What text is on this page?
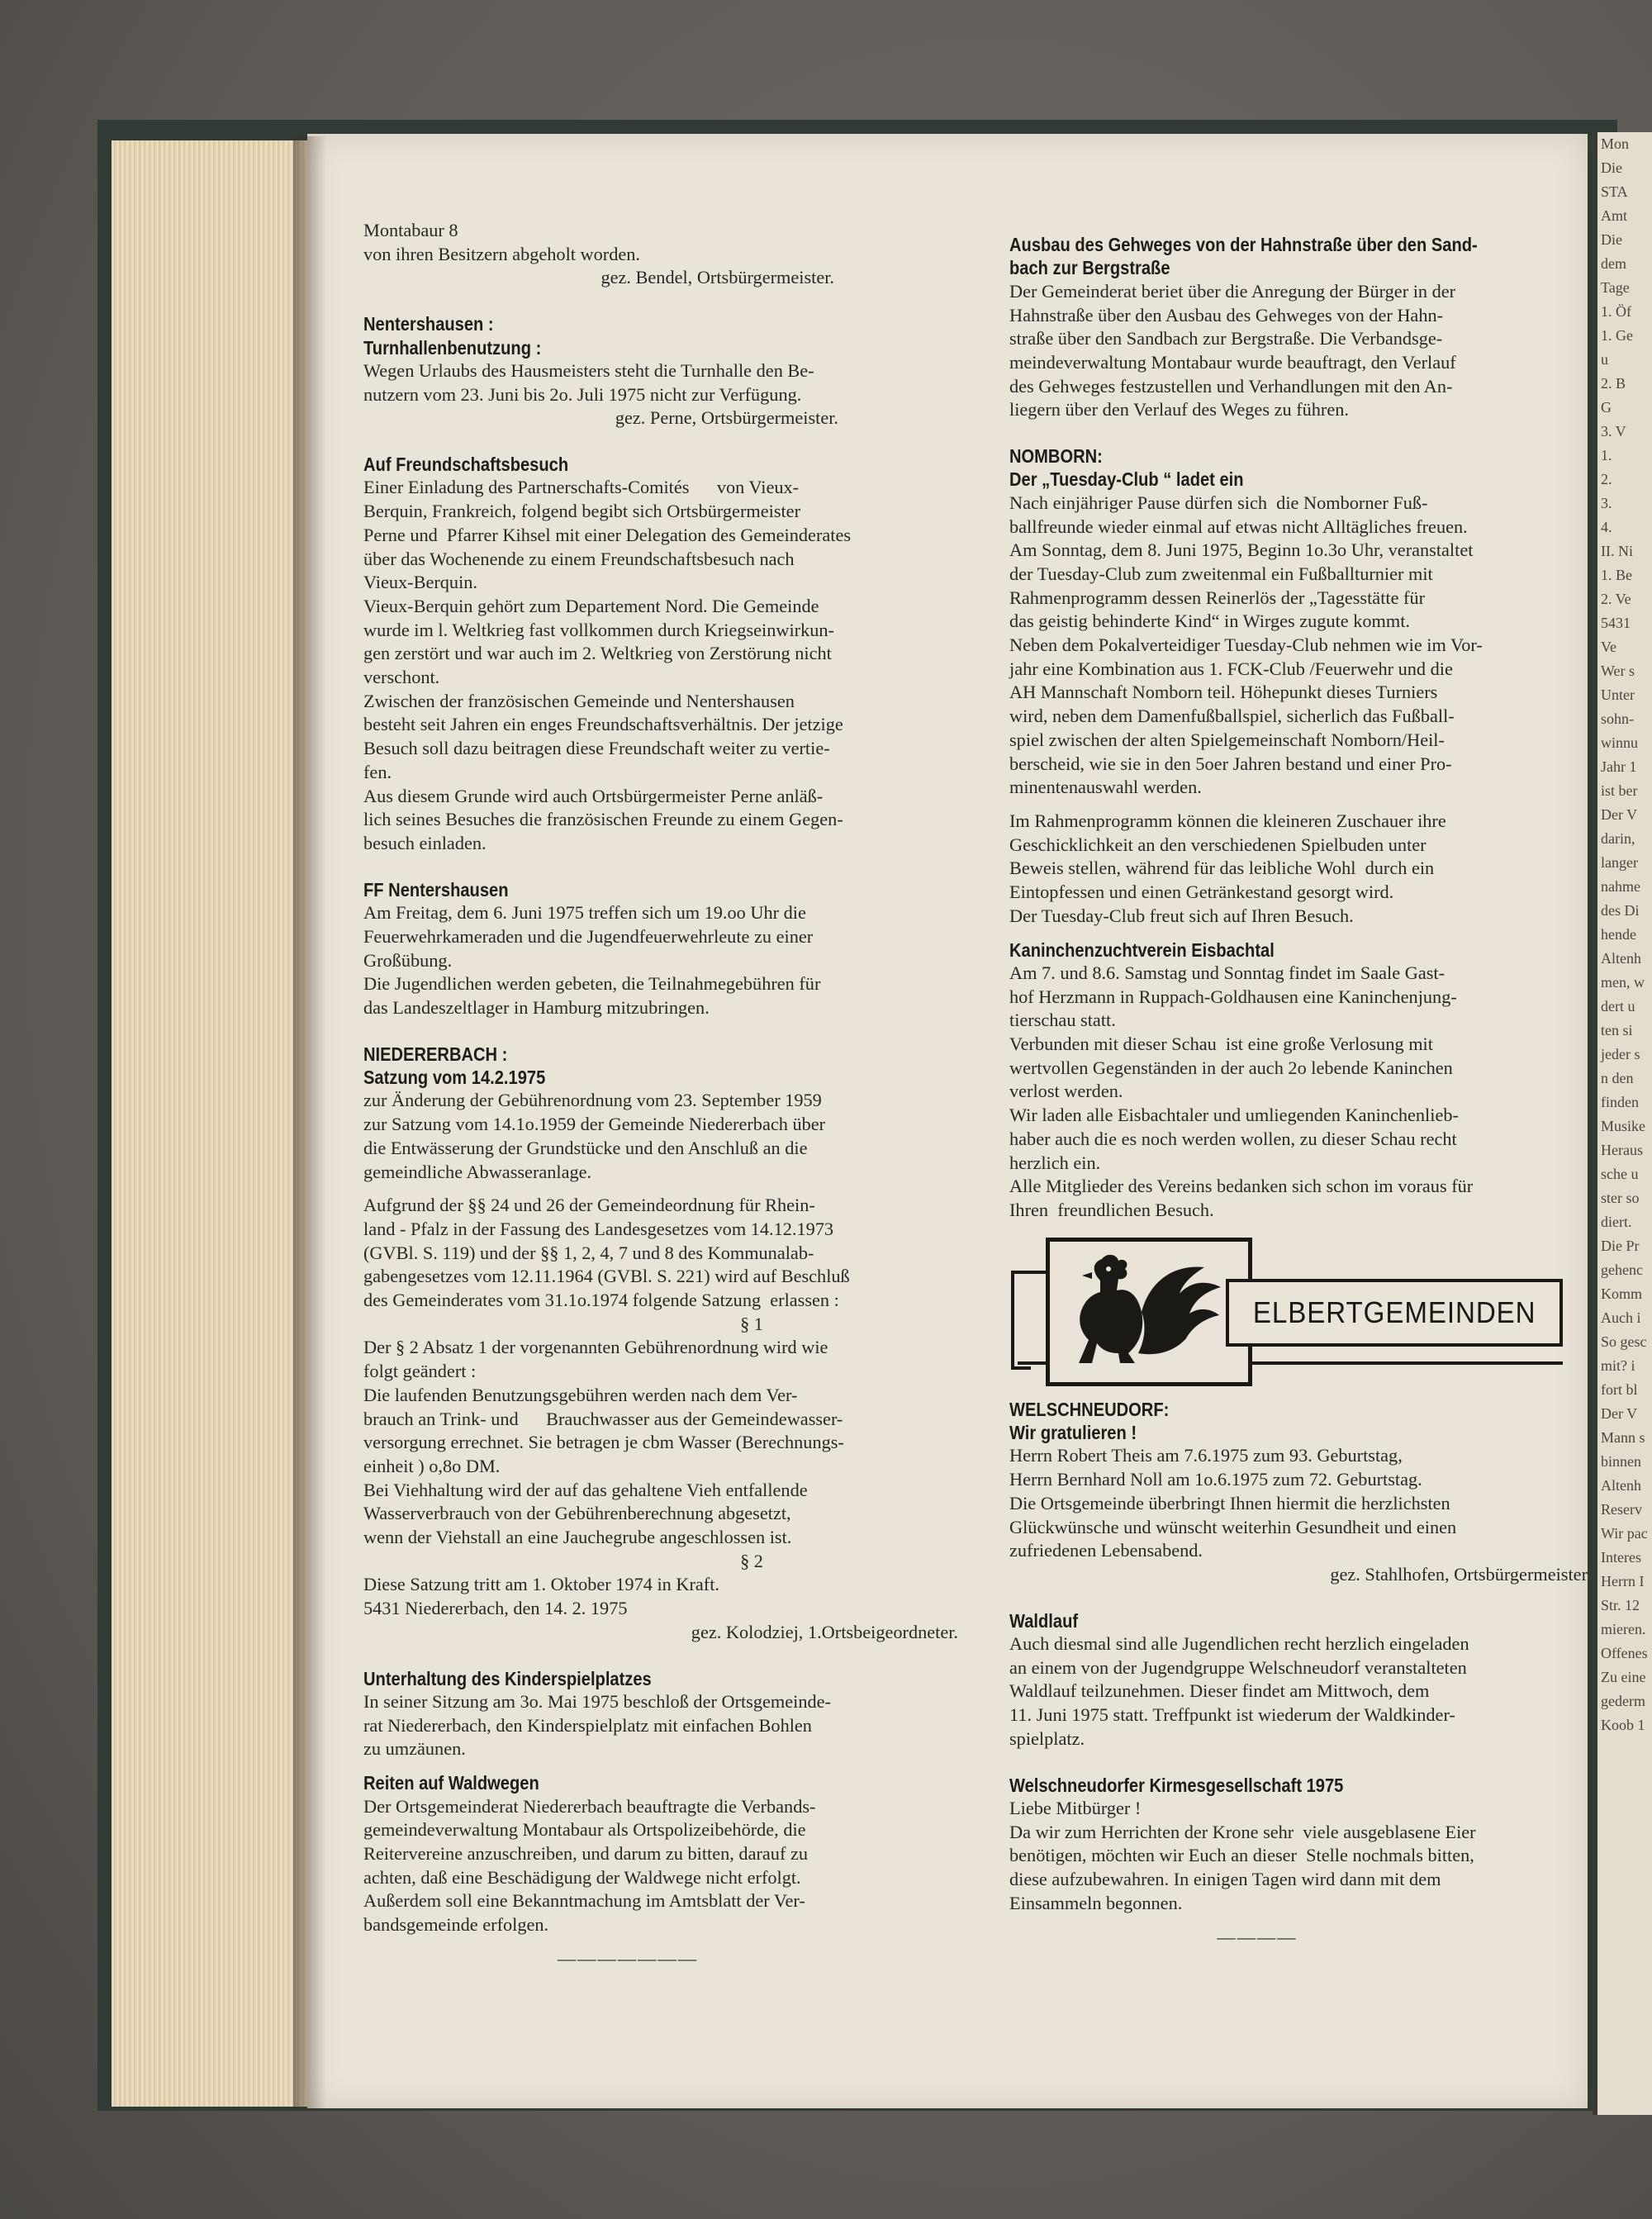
Mon
Die
STA
Amt
Die
dem
Tage
1. Öf
1. Ge
u
2. B
G
3. V
1.
2.
3.
4.
II. Ni
1. Be
2. Ve
5431
Ve
Wer s
Unter
sohn-
winnu
Jahr 1
ist ber
Der V
darin,
langer
nahme
des Di
hende
Altenh
men, w
dert u
ten si
jeder s
n den
finden
Musike
Heraus
sche u
ster so
diert.
Die Pr
gehenc
Komm
Auch i
So gesc
mit? i
fort bl
Der V
Mann s
binnen
Altenh
Reserv
Wir pac
Interes
Herrn I
Str. 12
mieren.
Offenes
Zu eine
gederm
Koob 1

Montabaur 8

von ihren Besitzern abgeholt worden.

gez. Bendel, Ortsbürgermeister.

Nentershausen :

Turnhallenbenutzung :

Wegen Urlaubs des Hausmeisters steht die Turnhalle den Be-

nutzern vom 23. Juni bis 2o. Juli 1975 nicht zur Verfügung.

gez. Perne, Ortsbürgermeister.

Auf Freundschaftsbesuch

Einer Einladung des Partnerschafts-Comités      von Vieux-

Berquin, Frankreich, folgend begibt sich Ortsbürgermeister

Perne und  Pfarrer Kihsel mit einer Delegation des Gemeinderates

über das Wochenende zu einem Freundschaftsbesuch nach

Vieux-Berquin.

Vieux-Berquin gehört zum Departement Nord. Die Gemeinde

wurde im l. Weltkrieg fast vollkommen durch Kriegseinwirkun-

gen zerstört und war auch im 2. Weltkrieg von Zerstörung nicht

verschont.

Zwischen der französischen Gemeinde und Nentershausen

besteht seit Jahren ein enges Freundschaftsverhältnis. Der jetzige

Besuch soll dazu beitragen diese Freundschaft weiter zu vertie-

fen.

Aus diesem Grunde wird auch Ortsbürgermeister Perne anläß-

lich seines Besuches die französischen Freunde zu einem Gegen-

besuch einladen.

FF Nentershausen

Am Freitag, dem 6. Juni 1975 treffen sich um 19.oo Uhr die

Feuerwehrkameraden und die Jugendfeuerwehrleute zu einer

Großübung.

Die Jugendlichen werden gebeten, die Teilnahmegebühren für

das Landeszeltlager in Hamburg mitzubringen.

NIEDERERBACH :

Satzung vom 14.2.1975

zur Änderung der Gebührenordnung vom 23. September 1959

zur Satzung vom 14.1o.1959 der Gemeinde Niedererbach über

die Entwässerung der Grundstücke und den Anschluß an die

gemeindliche Abwasseranlage.

Aufgrund der §§ 24 und 26 der Gemeindeordnung für Rhein-

land - Pfalz in der Fassung des Landesgesetzes vom 14.12.1973

(GVBl. S. 119) und der §§ 1, 2, 4, 7 und 8 des Kommunalab-

gabengesetzes vom 12.11.1964 (GVBl. S. 221) wird auf Beschluß

des Gemeinderates vom 31.1o.1974 folgende Satzung  erlassen :

§ 1

Der § 2 Absatz 1 der vorgenannten Gebührenordnung wird wie

folgt geändert :

Die laufenden Benutzungsgebühren werden nach dem Ver-

brauch an Trink- und      Brauchwasser aus der Gemeindewasser-

versorgung errechnet. Sie betragen je cbm Wasser (Berechnungs-

einheit ) o,8o DM.

Bei Viehhaltung wird der auf das gehaltene Vieh entfallende

Wasserverbrauch von der Gebührenberechnung abgesetzt,

wenn der Viehstall an eine Jauchegrube angeschlossen ist.

§ 2

Diese Satzung tritt am 1. Oktober 1974 in Kraft.

5431 Niedererbach, den 14. 2. 1975

gez. Kolodziej, 1.Ortsbeigeordneter.

Unterhaltung des Kinderspielplatzes

In seiner Sitzung am 3o. Mai 1975 beschloß der Ortsgemeinde-

rat Niedererbach, den Kinderspielplatz mit einfachen Bohlen

zu umzäunen.

Reiten auf Waldwegen

Der Ortsgemeinderat Niedererbach beauftragte die Verbands-

gemeindeverwaltung Montabaur als Ortspolizeibehörde, die

Reitervereine anzuschreiben, und darum zu bitten, darauf zu

achten, daß eine Beschädigung der Waldwege nicht erfolgt.

Außerdem soll eine Bekanntmachung im Amtsblatt der Ver-

bandsgemeinde erfolgen.

———————

Ausbau des Gehweges von der Hahnstraße über den Sand-

bach zur Bergstraße

Der Gemeinderat beriet über die Anregung der Bürger in der

Hahnstraße über den Ausbau des Gehweges von der Hahn-

straße über den Sandbach zur Bergstraße. Die Verbandsge-

meindeverwaltung Montabaur wurde beauftragt, den Verlauf

des Gehweges festzustellen und Verhandlungen mit den An-

liegern über den Verlauf des Weges zu führen.

NOMBORN:

Der „Tuesday-Club “ ladet ein

Nach einjähriger Pause dürfen sich  die Nomborner Fuß-

ballfreunde wieder einmal auf etwas nicht Alltägliches freuen.

Am Sonntag, dem 8. Juni 1975, Beginn 1o.3o Uhr, veranstaltet

der Tuesday-Club zum zweitenmal ein Fußballturnier mit

Rahmenprogramm dessen Reinerlös der „Tagesstätte für

das geistig behinderte Kind“ in Wirges zugute kommt.

Neben dem Pokalverteidiger Tuesday-Club nehmen wie im Vor-

jahr eine Kombination aus 1. FCK-Club /Feuerwehr und die

AH Mannschaft Nomborn teil. Höhepunkt dieses Turniers

wird, neben dem Damenfußballspiel, sicherlich das Fußball-

spiel zwischen der alten Spielgemeinschaft Nomborn/Heil-

berscheid, wie sie in den 5oer Jahren bestand und einer Pro-

minentenauswahl werden.

Im Rahmenprogramm können die kleineren Zuschauer ihre

Geschicklichkeit an den verschiedenen Spielbuden unter

Beweis stellen, während für das leibliche Wohl  durch ein

Eintopfessen und einen Getränkestand gesorgt wird.

Der Tuesday-Club freut sich auf Ihren Besuch.

Kaninchenzuchtverein Eisbachtal

Am 7. und 8.6. Samstag und Sonntag findet im Saale Gast-

hof Herzmann in Ruppach-Goldhausen eine Kaninchenjung-

tierschau statt.

Verbunden mit dieser Schau  ist eine große Verlosung mit

wertvollen Gegenständen in der auch 2o lebende Kaninchen

verlost werden.

Wir laden alle Eisbachtaler und umliegenden Kaninchenlieb-

haber auch die es noch werden wollen, zu dieser Schau recht

herzlich ein.

Alle Mitglieder des Vereins bedanken sich schon im voraus für

Ihren  freundlichen Besuch.

ELBERTGEMEINDEN

WELSCHNEUDORF:

Wir gratulieren !

Herrn Robert Theis am 7.6.1975 zum 93. Geburtstag,

Herrn Bernhard Noll am 1o.6.1975 zum 72. Geburtstag.

Die Ortsgemeinde überbringt Ihnen hiermit die herzlichsten

Glückwünsche und wünscht weiterhin Gesundheit und einen

zufriedenen Lebensabend.

gez. Stahlhofen, Ortsbürgermeister

Waldlauf

Auch diesmal sind alle Jugendlichen recht herzlich eingeladen

an einem von der Jugendgruppe Welschneudorf veranstalteten

Waldlauf teilzunehmen. Dieser findet am Mittwoch, dem

11. Juni 1975 statt. Treffpunkt ist wiederum der Waldkinder-

spielplatz.

Welschneudorfer Kirmesgesellschaft 1975

Liebe Mitbürger !

Da wir zum Herrichten der Krone sehr  viele ausgeblasene Eier

benötigen, möchten wir Euch an dieser  Stelle nochmals bitten,

diese aufzubewahren. In einigen Tagen wird dann mit dem

Einsammeln begonnen.

————
